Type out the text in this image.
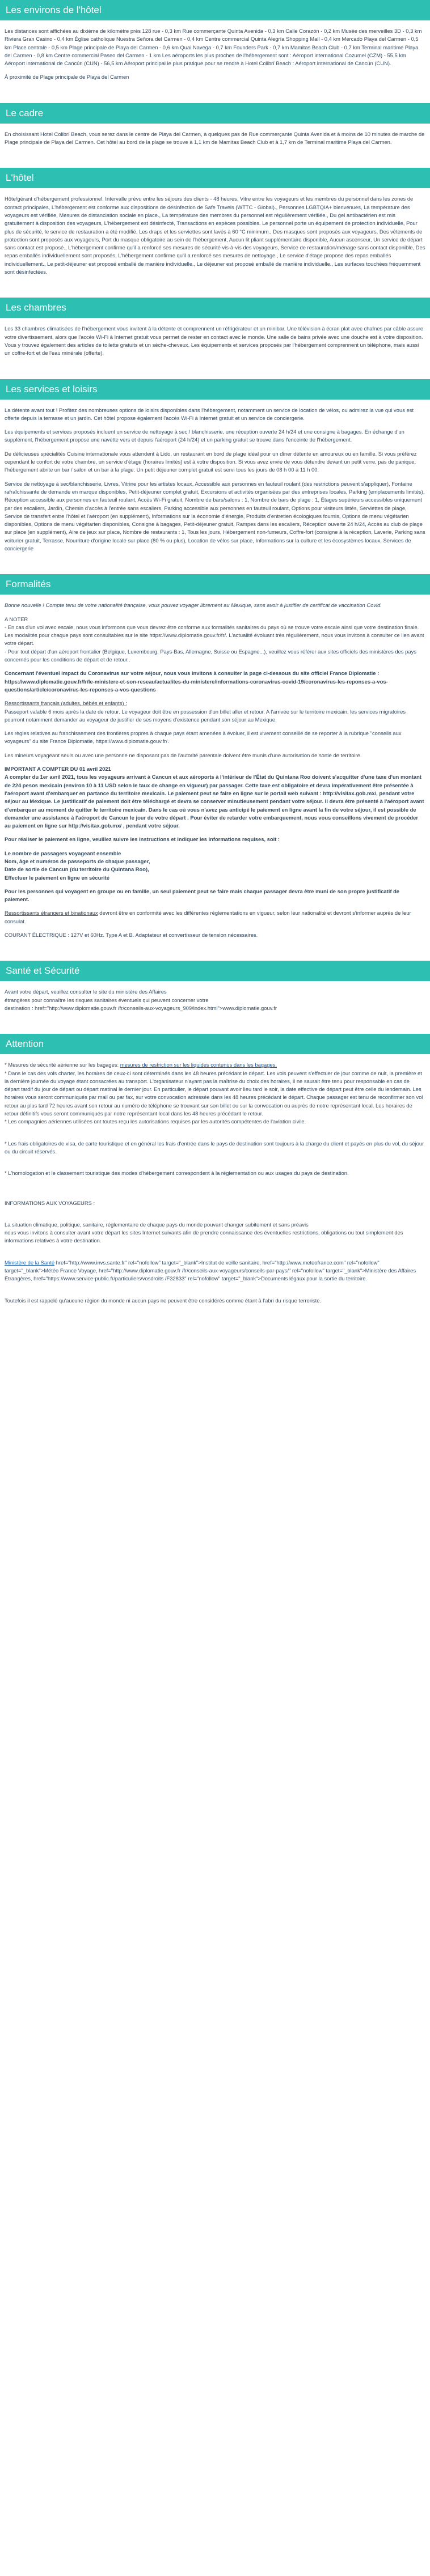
Les environs de l'hôtel

Les distances sont affichées au dixième de kilomètre près 128 rue - 0,3 km Rue commerçante Quinta Avenida - 0,3 km Calle Corazón - 0,2 km Musée des merveilles 3D - 0,3 km Riviera Gran Casino - 0,4 km Église catholique Nuestra Señora del Carmen - 0,4 km Centre commercial Quinta Alegría Shopping Mall - 0,4 km Mercado Playa del Carmen - 0,5 km Place centrale - 0,5 km Plage principale de Playa del Carmen - 0,6 km Quai Navega - 0,7 km Founders Park - 0,7 km Mamitas Beach Club - 0,7 km Terminal maritime Playa del Carmen - 0,8 km Centre commercial Paseo del Carmen - 1 km Les aéroports les plus proches de l'hébergement sont : Aéroport international Cozumel (CZM) - 55,5 km Aéroport international de Cancún (CUN) - 56,5 km Aéroport principal le plus pratique pour se rendre à Hotel Colibrí Beach : Aéroport international de Cancún (CUN).

À proximité de Plage principale de Playa del Carmen

Le cadre

En choisissant Hotel Colibrí Beach, vous serez dans le centre de Playa del Carmen, à quelques pas de Rue commerçante Quinta Avenida et à moins de 10 minutes de marche de Plage principale de Playa del Carmen. Cet hôtel au bord de la plage se trouve à 1,1 km de Mamitas Beach Club et à 1,7 km de Terminal maritime Playa del Carmen.

L'hôtel

Hôte/gérant d'hébergement professionnel. Intervalle prévu entre les séjours des clients - 48 heures, Vitre entre les voyageurs et les membres du personnel dans les zones de contact principales, L'hébergement est conforme aux dispositions de désinfection de Safe Travels (WTTC - Global)., Personnes LGBTQIA+ bienvenues, La température des voyageurs est vérifiée, Mesures de distanciation sociale en place., La température des membres du personnel est régulièrement vérifiée., Du gel antibactérien est mis gratuitement à disposition des voyageurs, L'hébergement est désinfecté, Transactions en espèces possibles. Le personnel porte un équipement de protection individuelle, Pour plus de sécurité, le service de restauration a été modifié, Les draps et les serviettes sont lavés à 60 °C minimum., Des masques sont proposés aux voyageurs, Des vêtements de protection sont proposés aux voyageurs, Port du masque obligatoire au sein de l'hébergement, Aucun lit pliant supplémentaire disponible, Aucun ascenseur, Un service de départ sans contact est proposé., L'hébergement confirme qu'il a renforcé ses mesures de sécurité vis-à-vis des voyageurs, Service de restauration/ménage sans contact disponible, Des repas emballés individuellement sont proposés, L'hébergement confirme qu'il a renforcé ses mesures de nettoyage., Le service d'étage propose des repas emballés individuellement., Le petit-déjeuner est proposé emballé de manière individuelle., Le déjeuner est proposé emballé de manière individuelle., Les surfaces touchées fréquemment sont désinfectées.

Les chambres

Les 33 chambres climatisées de l'hébergement vous invitent à la détente et comprennent un réfrigérateur et un minibar. Une télévision à écran plat avec chaînes par câble assure votre divertissement, alors que l'accès Wi-Fi à Internet gratuit vous permet de rester en contact avec le monde. Une salle de bains privée avec une douche est à votre disposition. Vous y trouvez également des articles de toilette gratuits et un sèche-cheveux. Les équipements et services proposés par l'hébergement comprennent un téléphone, mais aussi un coffre-fort et de l'eau minérale (offerte).

Les services et loisirs

La détente avant tout ! Profitez des nombreuses options de loisirs disponibles dans l'hébergement, notamment un service de location de vélos, ou admirez la vue qui vous est offerte depuis la terrasse et un jardin. Cet hôtel propose également l'accès Wi-Fi à Internet gratuit et un service de conciergerie.

Les équipements et services proposés incluent un service de nettoyage à sec / blanchisserie, une réception ouverte 24 h/24 et une consigne à bagages. En échange d'un supplément, l'hébergement propose une navette vers et depuis l'aéroport (24 h/24) et un parking gratuit se trouve dans l'enceinte de l'hébergement.

De délicieuses spécialités Cuisine internationale vous attendent à Lido, un restaurant en bord de plage idéal pour un dîner détente en amoureux ou en famille. Si vous préférez cependant le confort de votre chambre, un service d'étage (horaires limités) est à votre disposition. Si vous avez envie de vous détendre devant un petit verre, pas de panique, l'hébergement abrite un bar / salon et un bar à la plage. Un petit déjeuner complet gratuit est servi tous les jours de 08 h 00 à 11 h 00.

Service de nettoyage à sec/blanchisserie, Livres, Vitrine pour les artistes locaux, Accessible aux personnes en fauteuil roulant (des restrictions peuvent s'appliquer), Fontaine rafraîchissante de demande en marque disponibles, Petit-déjeuner complet gratuit, Excursions et activités organisées par des entreprises locales, Parking (emplacements limités), Réception accessible aux personnes en fauteuil roulant, Accès Wi-Fi gratuit, Nombre de bars/salons : 1, Nombre de bars de plage : 1, Étages supérieurs accessibles uniquement par des escaliers, Jardin, Chemin d'accès à l'entrée sans escaliers, Parking accessible aux personnes en fauteuil roulant, Options pour visiteurs listés, Serviettes de plage, Service de transfert entre l'hôtel et l'aéroport (en supplément), Informations sur la économie d'énergie, Produits d'entretien écologiques fournis, Options de menu végétarien disponibles, Options de menu végétarien disponibles, Consigne à bagages, Petit-déjeuner gratuit, Rampes dans les escaliers, Réception ouverte 24 h/24, Accès au club de plage sur place (en supplément), Aire de jeux sur place, Nombre de restaurants : 1, Tous les jours, Hébergement non-fumeurs, Coffre-fort (consigne à la réception, Laverie, Parking sans voiturier gratuit, Terrasse, Nourriture d'origine locale sur place (80 % ou plus), Location de vélos sur place, Informations sur la culture et les écosystèmes locaux, Services de conciergerie

Formalités

Bonne nouvelle ! Compte tenu de votre nationalité française, vous pouvez voyager librement au Mexique, sans avoir à justifier de certificat de vaccination Covid.

A NOTER

- En cas d'un vol avec escale, nous vous informons que vous devrez être conforme aux formalités sanitaires du pays où se trouve votre escale ainsi que votre destination finale.
Les modalités pour chaque pays sont consultables sur le site https://www.diplomatie.gouv.fr/fr/. L'actualité évoluant très régulièrement, nous vous invitons à consulter ce lien avant votre départ.
- Pour tout départ d'un aéroport frontalier (Belgique, Luxembourg, Pays-Bas, Allemagne, Suisse ou Espagne...), veuillez vous référer aux sites officiels des ministères des pays concernés pour les conditions de départ et de retour..

Concernant l'éventuel impact du Coronavirus sur votre séjour, nous vous invitons à consulter la page ci-dessous du site officiel France Diplomatie : https://www.diplomatie.gouv.fr/fr/le-ministere-et-son-reseau/actualites-du-ministere/informations-coronavirus-covid-19/coronavirus-les-reponses-a-vos-questions/article/coronavirus-les-reponses-a-vos-questions

Ressortissants français (adultes, bébés et enfants) :

Passeport valable 6 mois après la date de retour. Le voyageur doit être en possession d'un billet aller et retour. A l'arrivée sur le territoire mexicain, les services migratoires pourront notamment demander au voyageur de justifier de ses moyens d'existence pendant son séjour au Mexique.

Les règles relatives au franchissement des frontières propres à chaque pays étant amenées à évoluer, il est vivement conseillé de se reporter à la rubrique "conseils aux voyageurs" du site France Diplomatie, https://www.diplomatie.gouv.fr/.

Les mineurs voyageant seuls ou avec une personne ne disposant pas de l'autorité parentale doivent être munis d'une autorisation de sortie de territoire.

IMPORTANT A COMPTER DU 01 avril 2021
A compter du 1er avril 2021, tous les voyageurs arrivant à Cancun et aux aéroports à l'intérieur de l'État du Quintana Roo doivent s'acquitter d'une taxe d'un montant de 224 pesos mexicain (environ 10 à 11 USD selon le taux de change en vigueur) par passager. Cette taxe est obligatoire et devra impérativement être présentée à l'aéroport avant d'embarquer en partance du territoire mexicain. Le paiement peut se faire en ligne sur le portail web suivant : http://visitax.gob.mx/, pendant votre séjour au Mexique. Le justificatif de paiement doit être téléchargé et devra se conserver minutieusement pendant votre séjour. Il devra être présenté à l'aéroport avant d'embarquer au moment de quitter le territoire mexicain. Dans le cas où vous n'avez pas anticipé le paiement en ligne avant la fin de votre séjour, il est possible de demander une assistance à l'aéroport de Cancun le jour de votre départ . Pour éviter de retarder votre embarquement, nous vous conseillons vivement de procéder au paiement en ligne sur http://visitax.gob.mx/ , pendant votre séjour.

Pour réaliser le paiement en ligne, veuillez suivre les instructions et indiquer les informations requises, soit :

Le nombre de passagers voyageant ensemble
Nom, âge et numéros de passeports de chaque passager,
Date de sortie de Cancun (du territoire du Quintana Roo),
Effectuer le paiement en ligne en sécurité

Pour les personnes qui voyagent en groupe ou en famille, un seul paiement peut se faire mais chaque passager devra être muni de son propre justificatif de paiement.

Ressortissants étrangers et binationaux devront être en conformité avec les différentes réglementations en vigueur, selon leur nationalité et devront s'informer auprès de leur consulat.

COURANT ÉLECTRIQUE : 127V et 60Hz. Type A et B. Adaptateur et convertisseur de tension nécessaires.

Santé et Sécurité

Avant votre départ, veuillez consulter le site du ministère des Affaires
étrangères pour connaître les risques sanitaires éventuels qui peuvent concerner votre
destination : href="http://www.diplomatie.gouv.fr /fr/conseils-aux-voyageurs_909/index.html">www.diplomatie.gouv.fr

Attention

* Mesures de sécurité aérienne sur les bagages: mesures de restriction sur les liquides contenus dans les bagages.

* Dans le cas des vols charter, les horaires de ceux-ci sont déterminés dans les 48 heures précédant le départ. Les vols peuvent s'effectuer de jour comme de nuit, la première et la dernière journée du voyage étant consacrées au transport. L'organisateur n'ayant pas la maîtrise du choix des horaires, il ne saurait être tenu pour responsable en cas de départ tardif du jour de départ ou départ matinal le dernier jour. En particulier, le départ pouvant avoir lieu tard le soir, la date effective de départ peut être celle du lendemain. Les horaires vous seront communiqués par mail ou par fax, sur votre convocation adressée dans les 48 heures précédant le départ. Chaque passager est tenu de reconfirmer son vol retour au plus tard 72 heures avant son retour au numéro de téléphone se trouvant sur son billet ou sur la convocation ou auprès de notre représentant local. Les horaires de retour définitifs vous seront communiqués par notre représentant local dans les 48 heures précédant le retour.
* Les compagnies aériennes utilisées ont toutes reçu les autorisations requises par les autorités compétentes de l'aviation civile.

* Les frais obligatoires de visa, de carte touristique et en général les frais d'entrée dans le pays de destination sont toujours à la charge du client et payés en plus du vol, du séjour ou du circuit réservés.

* L'homologation et le classement touristique des modes d'hébergement correspondent à la réglementation ou aux usages du pays de destination.

INFORMATIONS AUX VOYAGEURS :

La situation climatique, politique, sanitaire, réglementaire de chaque pays du monde pouvant changer subitement et sans préavis
nous vous invitons à consulter avant votre départ les sites Internet suivants afin de prendre connaissance des éventuelles restrictions, obligations ou tout simplement des informations relatives à votre destination.

Ministère de la Santé href="http://www.invs.sante.fr" rel="nofollow" target="_blank">Institut de veille sanitaire, href="http://www.meteofrance.com" rel="nofollow" target="_blank">Météo France Voyage, href="http://www.diplomatie.gouv.fr /fr/conseils-aux-voyageurs/conseils-par-pays/" rel="nofollow" target="_blank">Ministère des Affaires Étrangères, href="https://www.service-public.fr/particuliers/vosdroits /F32833" rel="nofollow" target="_blank">Documents légaux pour la sortie du territoire.

Toutefois il est rappelé qu'aucune région du monde ni aucun pays ne peuvent être considérés comme étant à l'abri du risque terroriste.
